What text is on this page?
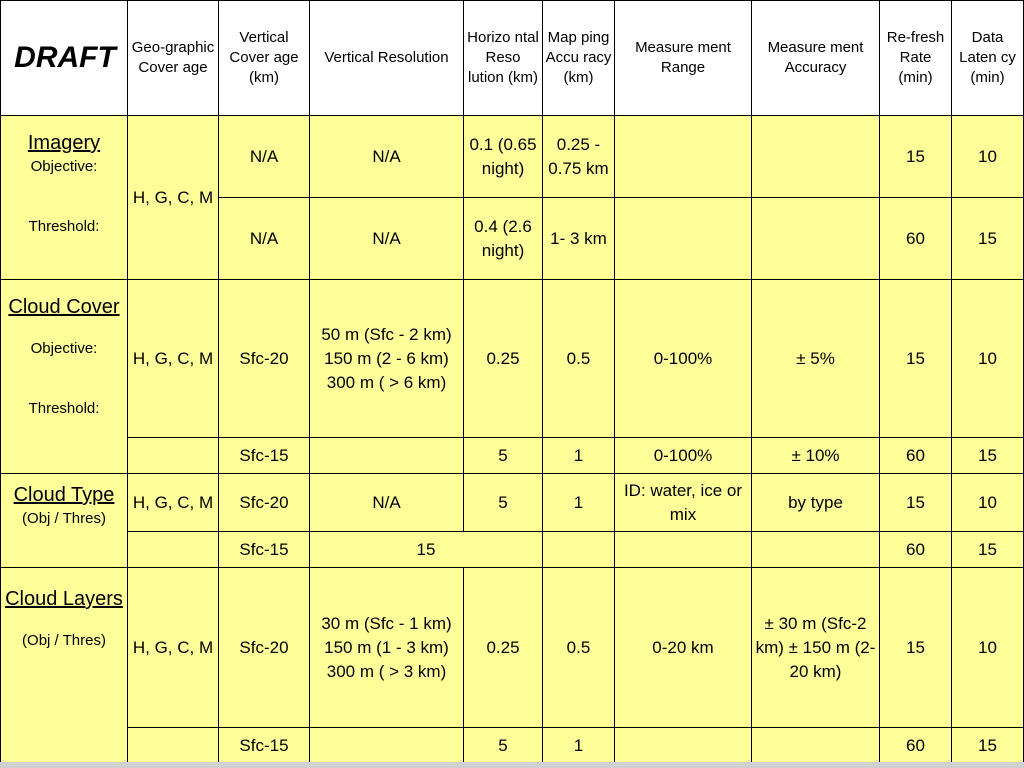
DRAFT	Geo-graphic Cover age	Vertical Cover age (km)	Vertical Resolution	Horizo ntal Reso lution (km)	Map ping Accu racy (km)	Measure ment Range	Measure ment Accuracy	Re-fresh Rate (min)	Data Laten cy (min)

Imagery
Objective:
Threshold:	H, G, C, M	N/A	N/A	0.1 (0.65 night)	0.25 - 0.75 km			15	10
		N/A	N/A	0.4 (2.6 night)	1- 3 km			60	15

Cloud Cover
Objective:
Threshold:	H, G, C, M	Sfc-20	50 m (Sfc - 2 km) 150 m (2 - 6 km) 300 m ( > 6 km)	0.25	0.5	0-100%	± 5%	15	10
		Sfc-15		5	1	0-100%	± 10%	60	15

Cloud Type
(Obj / Thres)	H, G, C, M	Sfc-20	N/A	5	1	ID: water, ice or mix	by type	15	10
		Sfc-15	15					60	15

Cloud Layers
(Obj / Thres)	H, G, C, M	Sfc-20	30 m (Sfc - 1 km) 150 m (1 - 3 km) 300 m ( > 3 km)	0.25	0.5	0-20 km	± 30 m (Sfc-2 km) ± 150 m (2-20 km)	15	10
		Sfc-15		5	1			60	15
